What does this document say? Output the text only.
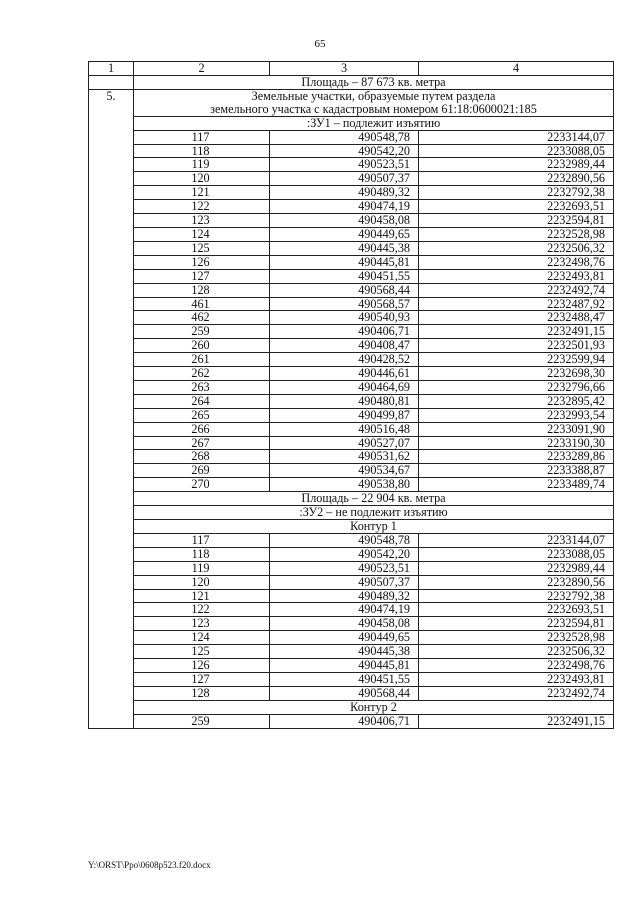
65
1	2	3	4
	Площадь – 87 673 кв. метра		
5.	Земельные участки, образуемые путем раздела
земельного участка с кадастровым номером 61:18:0600021:185		

	:ЗУ1 – подлежит изъятию		
	117	490548,78	2233144,07
	118	490542,20	2233088,05
	119	490523,51	2232989,44
	120	490507,37	2232890,56
	121	490489,32	2232792,38
	122	490474,19	2232693,51
	123	490458,08	2232594,81
	124	490449,65	2232528,98
	125	490445,38	2232506,32
	126	490445,81	2232498,76
	127	490451,55	2232493,81
	128	490568,44	2232492,74
	461	490568,57	2232487,92
	462	490540,93	2232488,47
	259	490406,71	2232491,15
	260	490408,47	2232501,93
	261	490428,52	2232599,94
	262	490446,61	2232698,30
	263	490464,69	2232796,66
	264	490480,81	2232895,42
	265	490499,87	2232993,54
	266	490516,48	2233091,90
	267	490527,07	2233190,30
	268	490531,62	2233289,86
	269	490534,67	2233388,87
	270	490538,80	2233489,74
	Площадь – 22 904 кв. метра		
	:ЗУ2 – не подлежит изъятию		
	Контур 1		
	117	490548,78	2233144,07
	118	490542,20	2233088,05
	119	490523,51	2232989,44
	120	490507,37	2232890,56
	121	490489,32	2232792,38
	122	490474,19	2232693,51
	123	490458,08	2232594,81
	124	490449,65	2232528,98
	125	490445,38	2232506,32
	126	490445,81	2232498,76
	127	490451,55	2232493,81
	128	490568,44	2232492,74
	Контур 2		
	259	490406,71	2232491,15
Y:\ORST\Ppo\0608p523.f20.docx
